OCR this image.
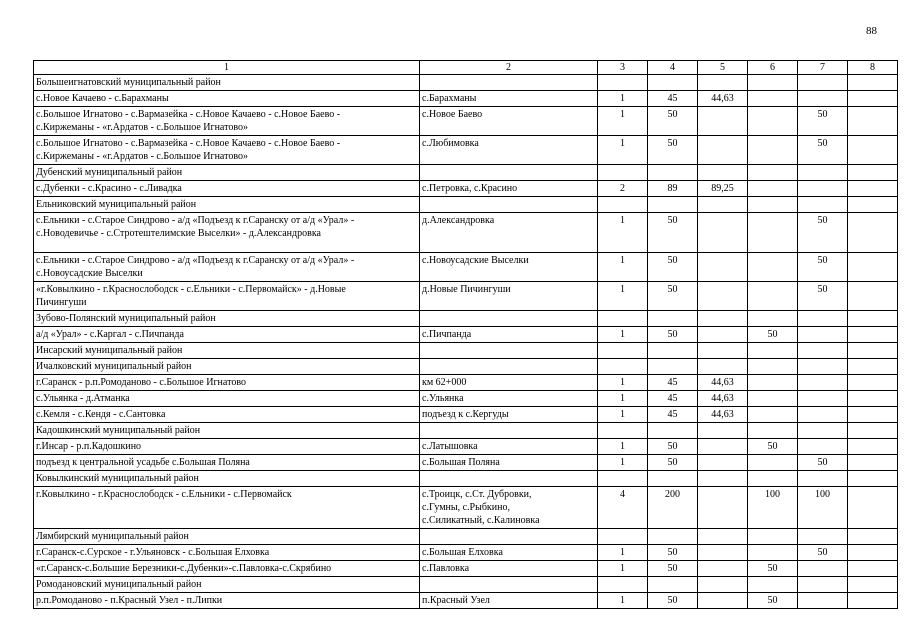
88
1	2	3	4	5	6	7	8
Большеигнатовский муниципальный район							
с.Новое Качаево - с.Барахманы	с.Барахманы	1	45	44,63			
с.Большое Игнатово - с.Вармазейка - с.Новое Качаево - с.Новое Баево -
с.Киржеманы - «г.Ардатов - с.Большое Игнатово»	с.Новое Баево	1	50			50	
с.Большое Игнатово - с.Вармазейка - с.Новое Качаево - с.Новое Баево -
с.Киржеманы - «г.Ардатов - с.Большое Игнатово»	с.Любимовка	1	50			50	
Дубенский муниципальный район							
с.Дубенки - с.Красино - с.Ливадка	с.Петровка, с.Красино	2	89	89,25			
Ельниковский муниципальный район							
с.Ельники - с.Старое Синдрово - а/д «Подъезд к г.Саранску от а/д «Урал» -
с.Новодевичье - с.Стротештелимские Выселки» - д.Александровка	д.Александровка	1	50			50	
с.Ельники - с.Старое Синдрово - а/д «Подъезд к г.Саранску от а/д «Урал» -
с.Новоусадские Выселки	с.Новоусадские Выселки	1	50			50	
«г.Ковылкино - г.Краснослободск - с.Ельники - с.Первомайск» - д.Новые
Пичингуши	д.Новые Пичингуши	1	50			50	
Зубово-Полянский муниципальный район							
а/д «Урал» - с.Каргал - с.Пичпанда	с.Пичпанда	1	50		50		
Инсарский муниципальный район							
Ичалковский муниципальный район							
г.Саранск - р.п.Ромоданово - с.Большое Игнатово	км 62+000	1	45	44,63			
с.Ульянка - д.Атманка	с.Ульянка	1	45	44,63			
с.Кемля - с.Кендя - с.Сантовка	подъезд к с.Кергуды	1	45	44,63			
Кадошкинский муниципальный район							
г.Инсар - р.п.Кадошкино	с.Латышовка	1	50		50		
подъезд к центральной усадьбе с.Большая Поляна	с.Большая Поляна	1	50			50	
Ковылкинский муниципальный район							
г.Ковылкино - г.Краснослободск - с.Ельники - с.Первомайск	с.Троицк, с.Ст. Дубровки,
с.Гумны, с.Рыбкино,
с.Силикатный, с.Калиновка	4	200		100	100	
Лямбирский муниципальный район							
г.Саранск-с.Сурское - г.Ульяновск - с.Большая Елховка	с.Большая Елховка	1	50			50	
«г.Саранск-с.Большие Березники-с.Дубенки»-с.Павловка-с.Скрябино	с.Павловка	1	50		50		
Ромодановский муниципальный район							
р.п.Ромоданово - п.Красный Узел - п.Липки	п.Красный Узел	1	50		50		
